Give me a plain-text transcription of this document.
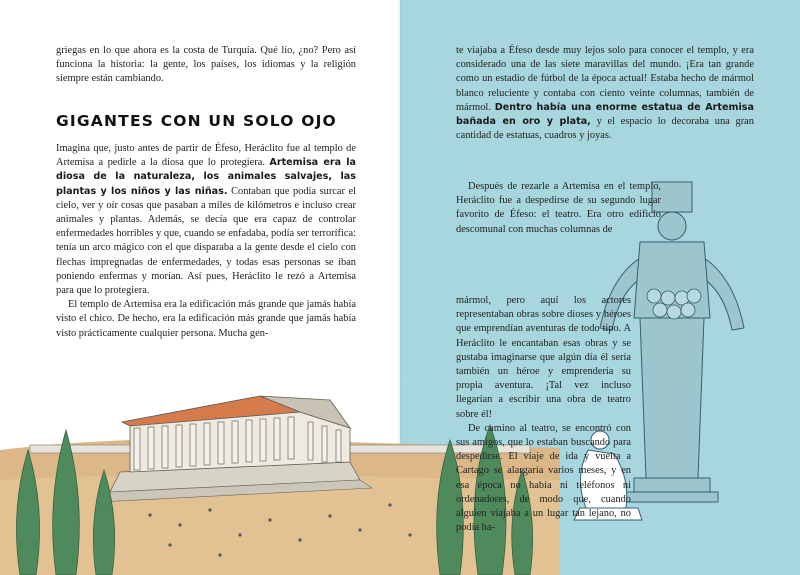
griegas en lo que ahora es la costa de Turquía. Qué lío, ¿no? Pero así funciona la historia: la gente, los países, los idiomas y la religión siempre están cambiando.

GIGANTES CON UN SOLO OJO

Imagina que, justo antes de partir de Éfeso, Heráclito fue al templo de Artemisa a pedirle a la diosa que lo protegiera. Artemisa era la diosa de la naturaleza, los animales salvajes, las plantas y los niños y las niñas. Contaban que podía surcar el cielo, ver y oír cosas que pasaban a miles de kilómetros e incluso crear animales y plantas. Además, se decía que era capaz de controlar enfermedades horribles y que, cuando se enfadaba, podía ser terrorífica: tenía un arco mágico con el que disparaba a la gente desde el cielo con flechas impregnadas de enfermedades, y todas esas personas se iban poniendo enfermas y morían. Así pues, Heráclito le rezó a Artemisa para que lo protegiera.

El templo de Artemisa era la edificación más grande que jamás había visto el chico. De hecho, era la edificación más grande que jamás había visto prácticamente cualquier persona. Mucha gen-

te viajaba a Éfeso desde muy lejos solo para conocer el templo, y era considerado una de las siete maravillas del mundo. ¡Era tan grande como un estadio de fútbol de la época actual! Estaba hecho de mármol blanco reluciente y contaba con ciento veinte columnas, también de mármol. Dentro había una enorme estatua de Artemisa bañada en oro y plata, y el espacio lo decoraba una gran cantidad de estatuas, cuadros y joyas.

Después de rezarle a Artemisa en el templo, Heráclito fue a despedirse de su segundo lugar favorito de Éfeso: el teatro. Era otro edificio descomunal con muchas columnas de

mármol, pero aquí los actores representaban obras sobre dioses y héroes que emprendían aventuras de todo tipo. A Heráclito le encantaban esas obras y se gustaba imaginarse que algún día él sería también un héroe y emprendería su propia aventura. ¡Tal vez incluso llegarían a escribir una obra de teatro sobre él!

De camino al teatro, se encontró con sus amigos, que lo estaban buscando para despedirse. El viaje de ida y vuelta a Cartago se alargaría varios meses, y en esa época no había ni teléfonos ni ordenadores, de modo que, cuando alguien viajaba a un lugar tan lejano, no podía ha-
